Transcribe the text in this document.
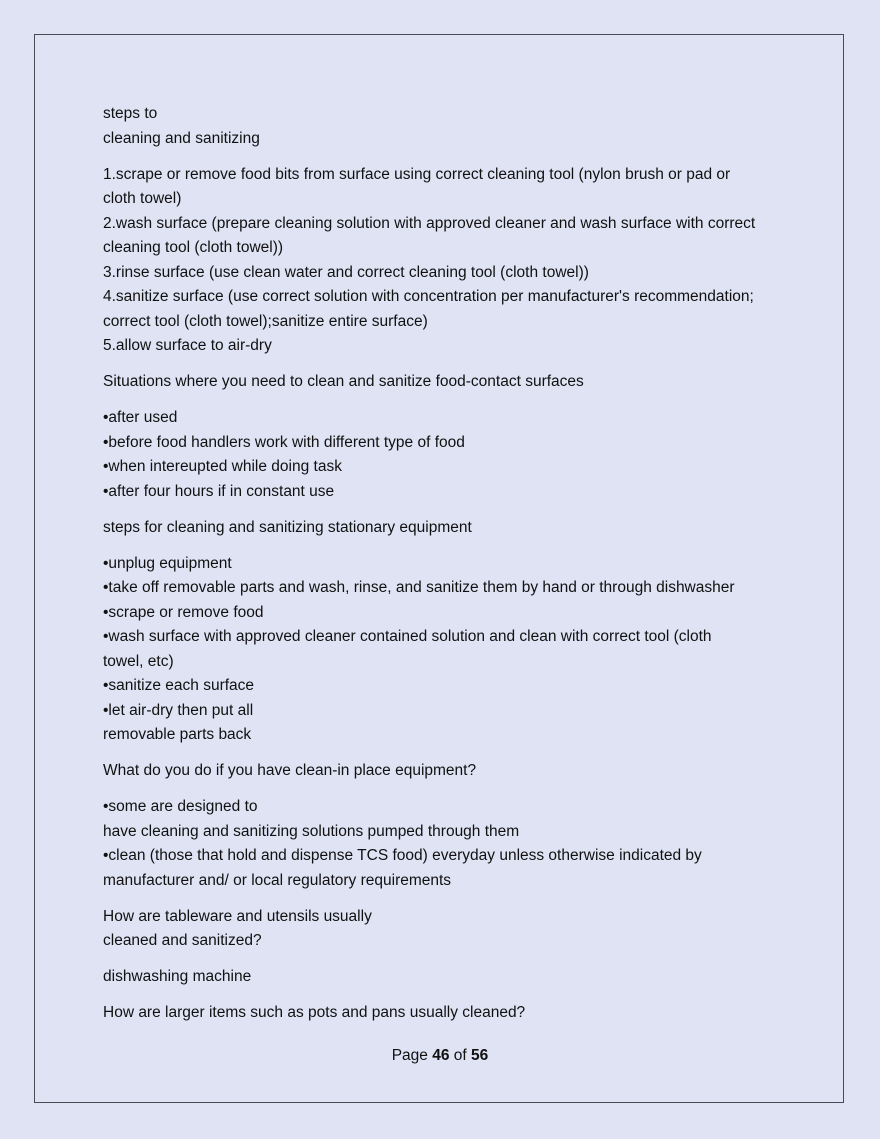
steps to
cleaning and sanitizing

1.scrape or remove food bits from surface using correct cleaning tool (nylon brush or pad or
cloth towel)
2.wash surface (prepare cleaning solution with approved cleaner and wash surface with correct
cleaning tool (cloth towel))
3.rinse surface (use clean water and correct cleaning tool (cloth towel))
4.sanitize surface (use correct solution with concentration per manufacturer's recommendation;
correct tool (cloth towel);sanitize entire surface)
5.allow surface to air-dry

Situations where you need to clean and sanitize food-contact surfaces

•after used
•before food handlers work with different type of food
•when intereupted while doing task
•after four hours if in constant use

steps for cleaning and sanitizing stationary equipment

•unplug equipment
•take off removable parts and wash, rinse, and sanitize them by hand or through dishwasher
•scrape or remove food
•wash surface with approved cleaner contained solution and clean with correct tool (cloth
towel, etc)
•sanitize each surface
•let air-dry then put all
removable parts back

What do you do if you have clean-in place equipment?

•some are designed to
have cleaning and sanitizing solutions pumped through them
•clean (those that hold and dispense TCS food) everyday unless otherwise indicated by
manufacturer and/ or local regulatory requirements

How are tableware and utensils usually
cleaned and sanitized?

dishwashing machine

How are larger items such as pots and pans usually cleaned?

Page 46 of 56
